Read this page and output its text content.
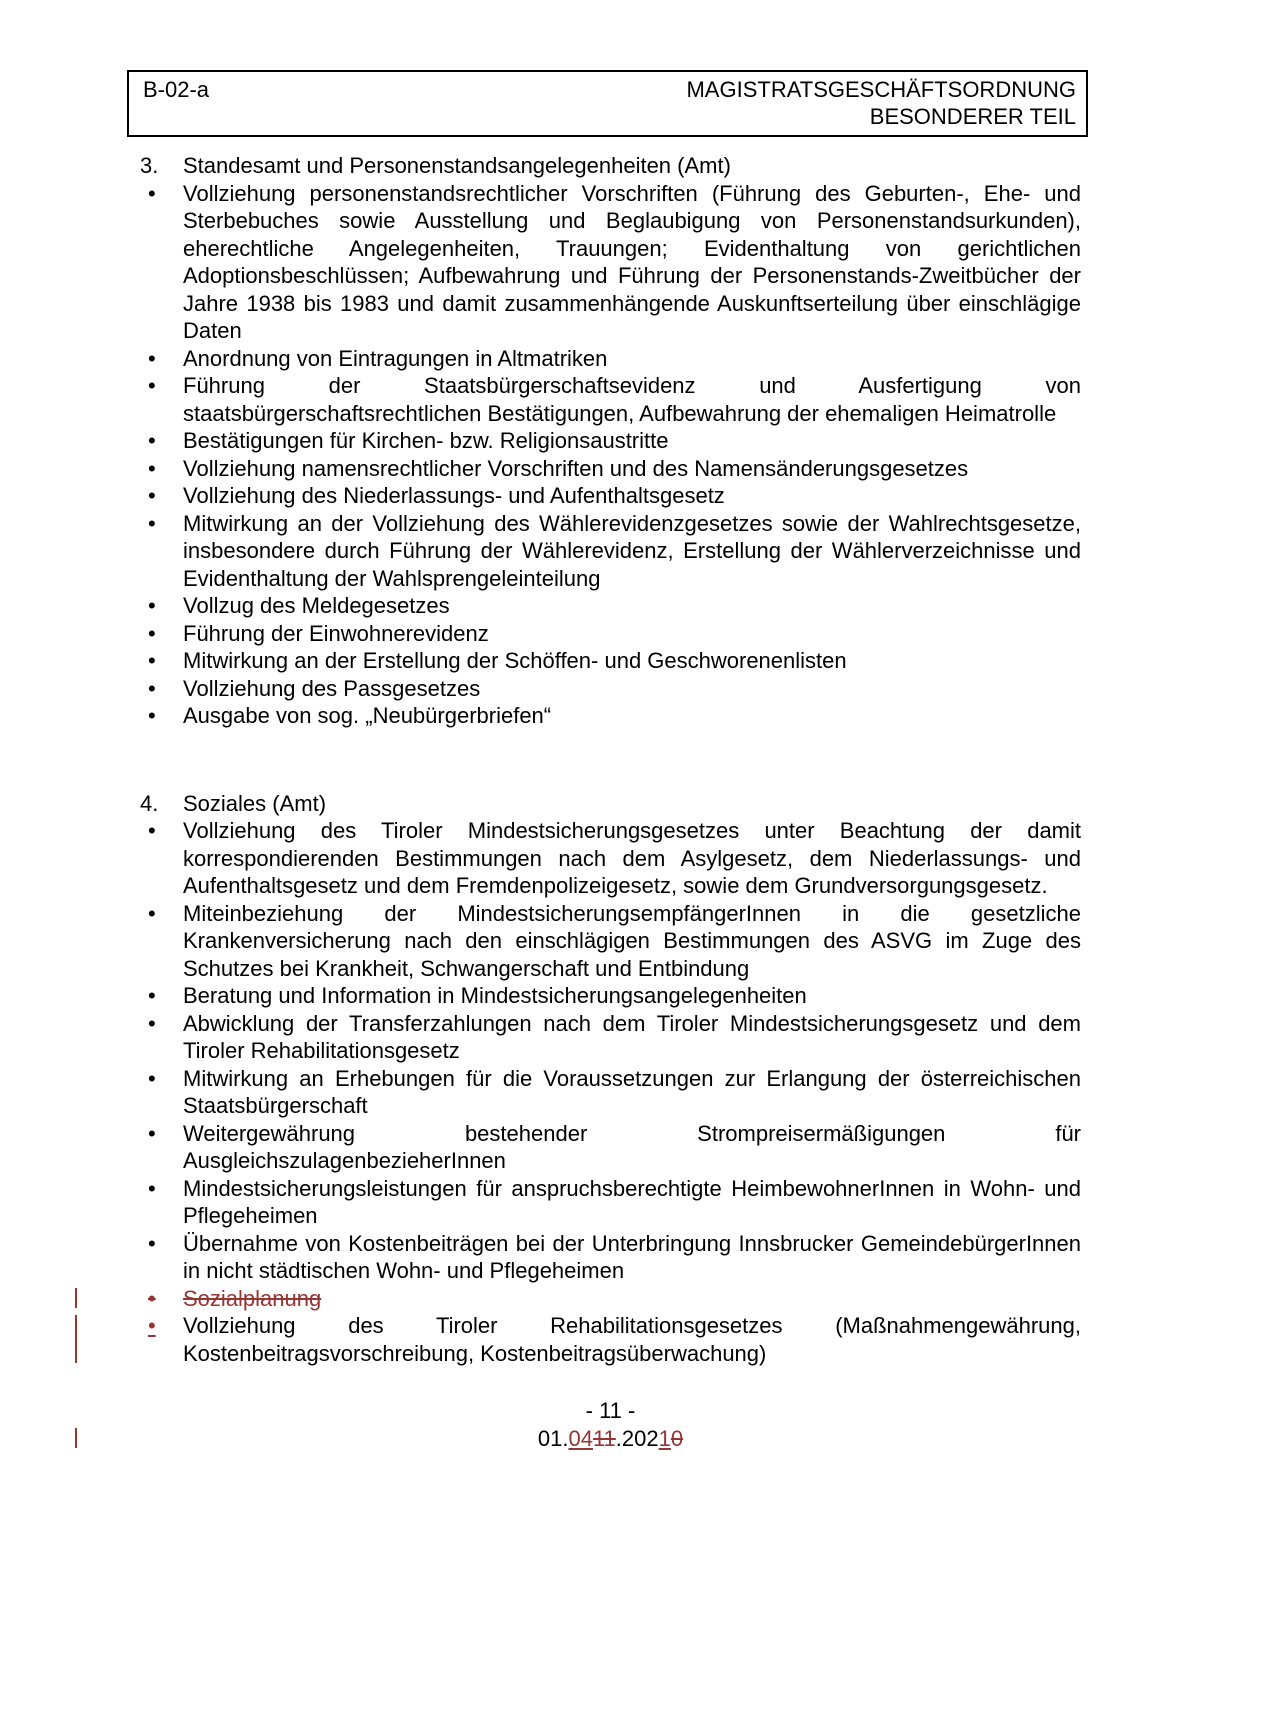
B-02-a	MAGISTRATSGESCHÄFTSORDNUNG
BESONDERER TEIL
3.	Standesamt und Personenstandsangelegenheiten (Amt)
• Vollziehung personenstandsrechtlicher Vorschriften (Führung des Geburten-, Ehe- und Sterbebuches sowie Ausstellung und Beglaubigung von Personenstandsurkunden), eherechtliche Angelegenheiten, Trauungen; Evidenthaltung von gerichtlichen Adoptionsbeschlüssen; Aufbewahrung und Führung der Personenstands-Zweitbücher der Jahre 1938 bis 1983 und damit zusammenhängende Auskunftserteilung über einschlägige Daten
• Anordnung von Eintragungen in Altmatriken
• Führung der Staatsbürgerschaftsevidenz und Ausfertigung von staatsbürgerschaftsrechtlichen Bestätigungen, Aufbewahrung der ehemaligen Heimatrolle
• Bestätigungen für Kirchen- bzw. Religionsaustritte
• Vollziehung namensrechtlicher Vorschriften und des Namensänderungsgesetzes
• Vollziehung des Niederlassungs- und Aufenthaltsgesetz
• Mitwirkung an der Vollziehung des Wählerevidenzgesetzes sowie der Wahlrechtsgesetze, insbesondere durch Führung der Wählerevidenz, Erstellung der Wählerverzeichnisse und Evidenthaltung der Wahlsprengeleinteilung
• Vollzug des Meldegesetzes
• Führung der Einwohnerevidenz
• Mitwirkung an der Erstellung der Schöffen- und Geschworenenlisten
• Vollziehung des Passgesetzes
• Ausgabe von sog. „Neubürgerbriefen“
4.	Soziales (Amt)
• Vollziehung des Tiroler Mindestsicherungsgesetzes unter Beachtung der damit korrespondierenden Bestimmungen nach dem Asylgesetz, dem Niederlassungs- und Aufenthaltsgesetz und dem Fremdenpolizeigesetz, sowie dem Grundversorgungsgesetz.
• Miteinbeziehung der MindestsicherungsempfängerInnen in die gesetzliche Krankenversicherung nach den einschlägigen Bestimmungen des ASVG im Zuge des Schutzes bei Krankheit, Schwangerschaft und Entbindung
• Beratung und Information in Mindestsicherungsangelegenheiten
• Abwicklung der Transferzahlungen nach dem Tiroler Mindestsicherungsgesetz und dem Tiroler Rehabilitationsgesetz
• Mitwirkung an Erhebungen für die Voraussetzungen zur Erlangung der österreichischen Staatsbürgerschaft
• Weitergewährung bestehender Strompreisermäßigungen für AusgleichszulagenbezieherInnen
• Mindestsicherungsleistungen für anspruchsberechtigte HeimbewohnerInnen in Wohn- und Pflegeheimen
• Übernahme von Kostenbeiträgen bei der Unterbringung Innsbrucker GemeindebürgerInnen in nicht städtischen Wohn- und Pflegeheimen
• Sozialplanung
• Vollziehung des Tiroler Rehabilitationsgesetzes (Maßnahmengewährung, Kostenbeitragsvorschreibung, Kostenbeitragsüberwachung)
- 11 -
01.0411.20210
